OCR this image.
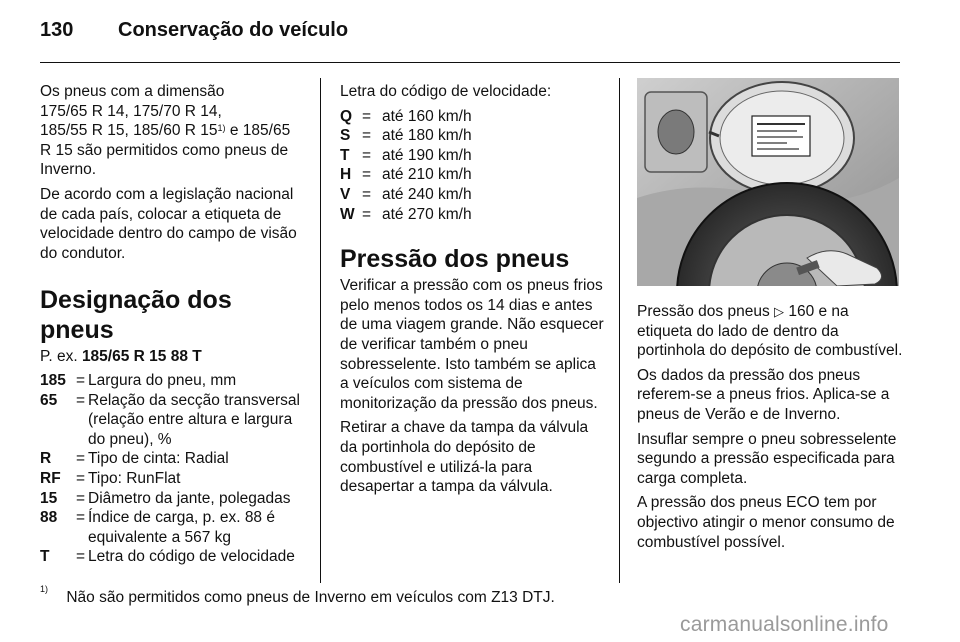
130 Conservação do veículo

Os pneus com a dimensão
175/65 R 14, 175/70 R 14,
185/55 R 15, 185/60 R 15$^{1)}$ e 185/65
R 15 são permitidos como pneus de
Inverno.

De acordo com a legislação nacional de cada país, colocar a etiqueta de velocidade dentro do campo de visão do condutor.

Designação dos pneus
P. ex. 185/65 R 15 88 T
185 = Largura do pneu, mm
65	= Relação da secção transversal (relação entre altura e largura do pneu), %
R	= Tipo de cinta: Radial
RF = Tipo: RunFlat
15	= Diâmetro da jante, polegadas
88	= Índice de carga, p. ex. 88 é equivalente a 567 kg
T	= Letra do código de velocidade

Letra do código de velocidade:

Q = até 160 km/h
S = até 180 km/h
T = até 190 km/h
H = até 210 km/h
V = até 240 km/h
W = até 270 km/h
Pressão dos pneus

Verificar a pressão com os pneus frios pelo menos todos os 14 dias e antes de uma viagem grande. Não esquecer de verificar também o pneu sobresselente. Isto também se aplica a veículos com sistema de monitorização da pressão dos pneus.

Retirar a chave da tampa da válvula da portinhola do depósito de combustível e utilizá-la para desapertar a tampa da válvula.

Pressão dos pneus ▷ 160 e na etiqueta do lado de dentro da portinhola do depósito de combustível.

Os dados da pressão dos pneus referem-se a pneus frios. Aplica-se a pneus de Verão e de Inverno.

Insuflar sempre o pneu sobresselente segundo a pressão especificada para carga completa.

A pressão dos pneus ECO tem por objectivo atingir o menor consumo de combustível possível.

$^{1)}$ Não são permitidos como pneus de Inverno em veículos com Z13 DTJ.
carmanualsonline.info
